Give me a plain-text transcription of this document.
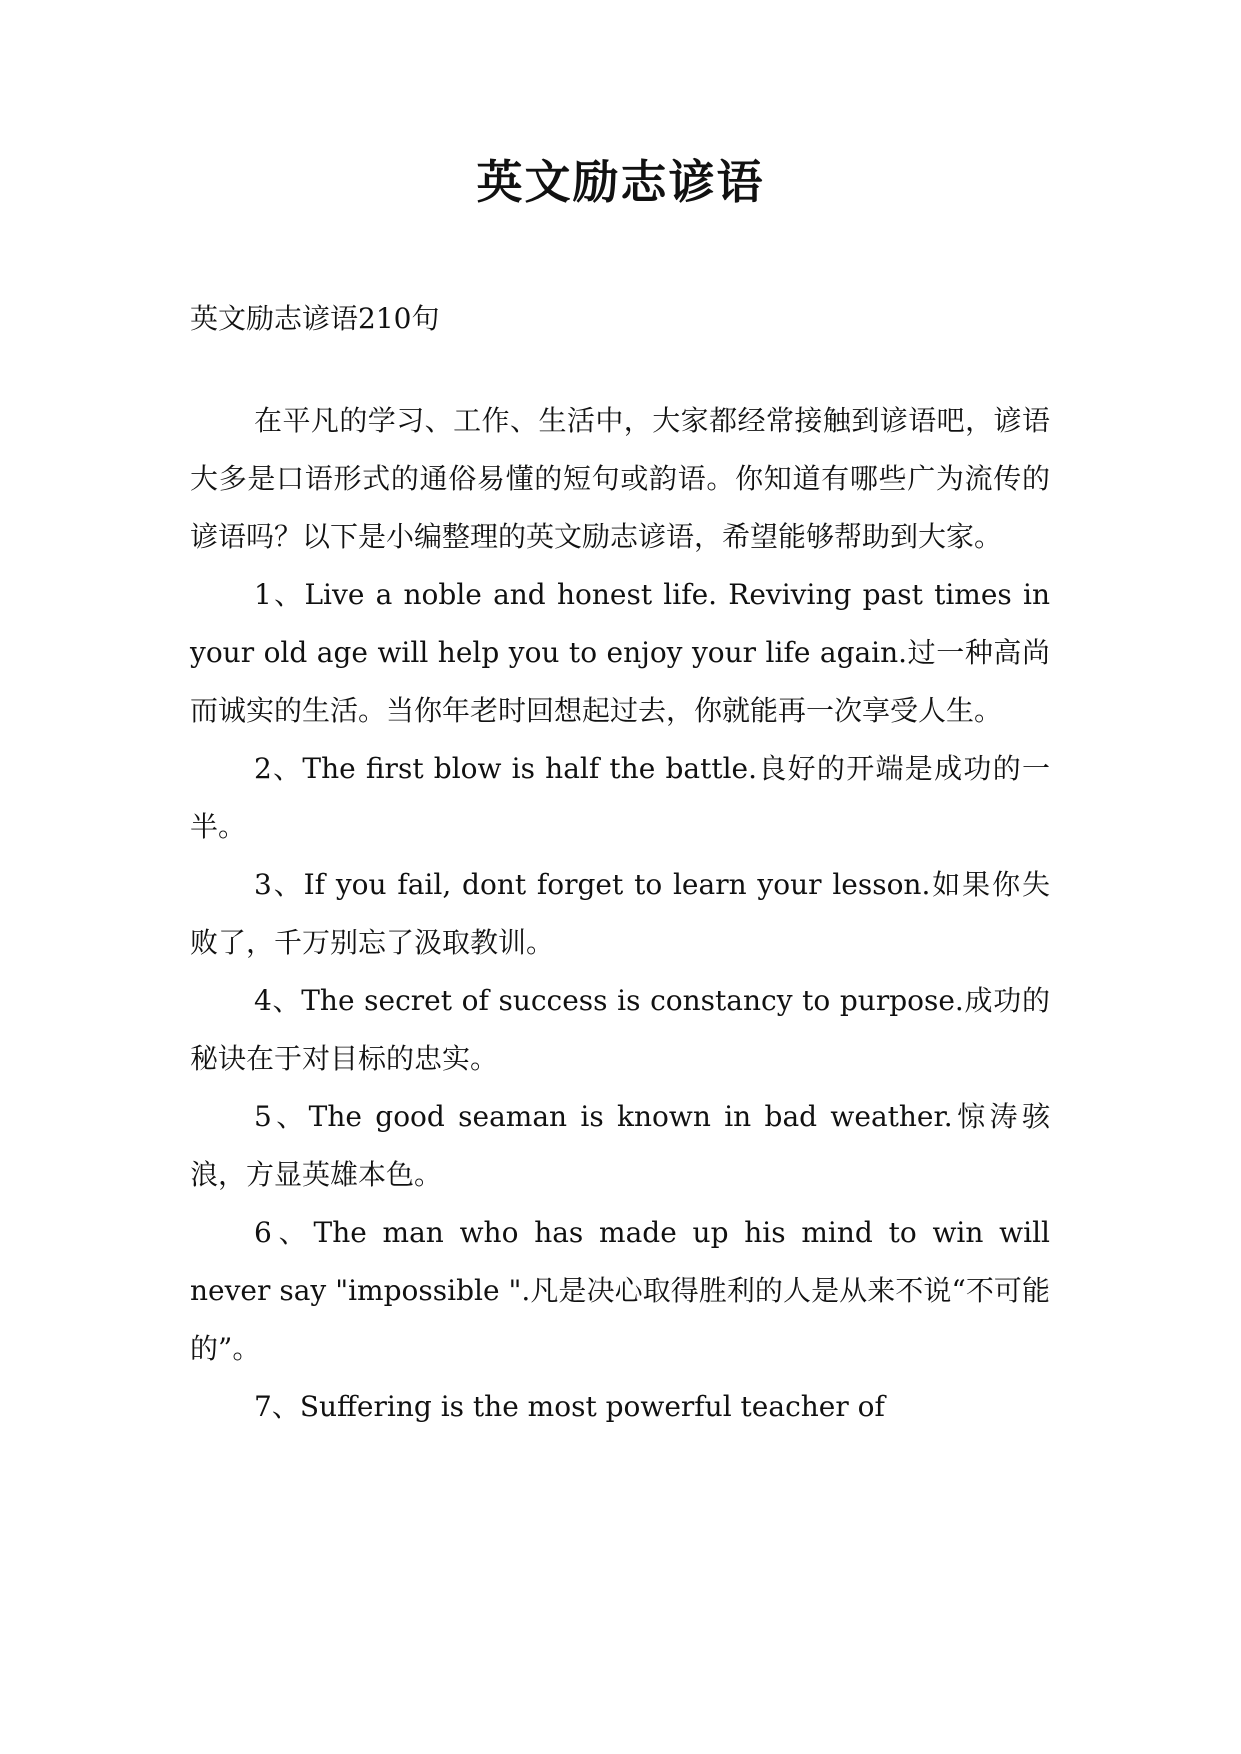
英文励志谚语

英文励志谚语210句

在平凡的学习、工作、生活中，大家都经常接触到谚语吧，谚语大多是口语形式的通俗易懂的短句或韵语。你知道有哪些广为流传的谚语吗？以下是小编整理的英文励志谚语，希望能够帮助到大家。

1、Live a noble and honest life. Reviving past times in your old age will help you to enjoy your life again.过一种高尚而诚实的生活。当你年老时回想起过去，你就能再一次享受人生。

2、The first blow is half the battle.良好的开端是成功的一半。

3、If you fail, dont forget to learn your lesson.如果你失败了，千万别忘了汲取教训。

4、The secret of success is constancy to purpose.成功的秘诀在于对目标的忠实。

5、The good seaman is known in bad weather.惊涛骇浪，方显英雄本色。

6、The man who has made up his mind to win will never say "impossible ".凡是决心取得胜利的人是从来不说“不可能的”。

7、Suffering is the most powerful teacher of
